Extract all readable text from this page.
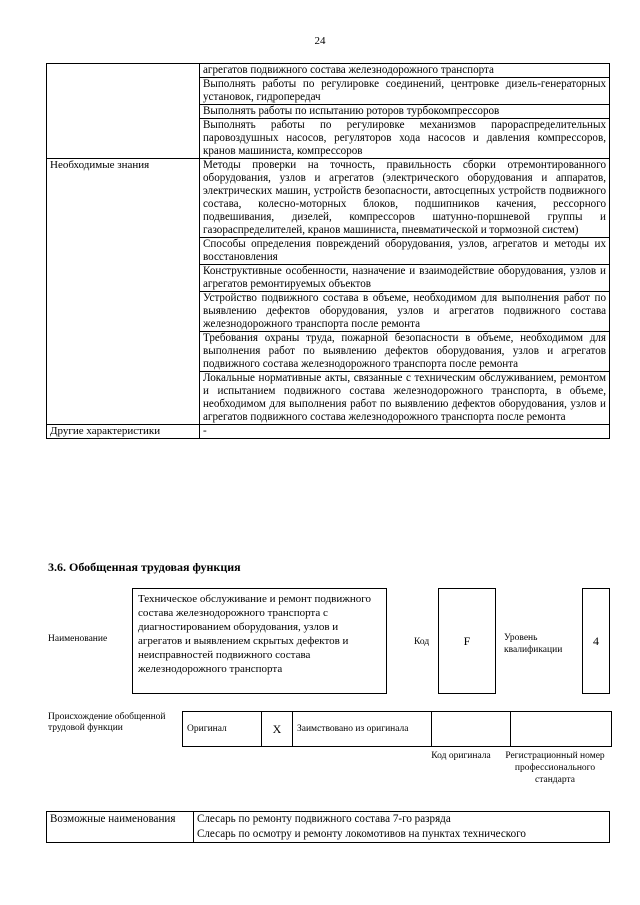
24
	агрегатов подвижного состава железнодорожного транспорта
	Выполнять работы по регулировке соединений, центровке дизель-генераторных установок, гидропередач
	Выполнять работы по испытанию роторов турбокомпрессоров
	Выполнять работы по регулировке механизмов парораспределительных паровоздушных насосов, регуляторов хода насосов и давления компрессоров, кранов машиниста, компрессоров
Необходимые знания	Методы проверки на точность, правильность сборки отремонтированного оборудования, узлов и агрегатов (электрического оборудования и аппаратов, электрических машин, устройств безопасности, автосцепных устройств подвижного состава, колесно-моторных блоков, подшипников качения, рессорного подвешивания, дизелей, компрессоров шатунно-поршневой группы и газораспределителей, кранов машиниста, пневматической и тормозной систем)
	Способы определения повреждений оборудования, узлов, агрегатов и методы их восстановления
	Конструктивные особенности, назначение и взаимодействие оборудования, узлов и агрегатов ремонтируемых объектов
	Устройство подвижного состава в объеме, необходимом для выполнения работ по выявлению дефектов оборудования, узлов и агрегатов подвижного состава железнодорожного транспорта после ремонта
	Требования охраны труда, пожарной безопасности в объеме, необходимом для выполнения работ по выявлению дефектов оборудования, узлов и агрегатов подвижного состава железнодорожного транспорта после ремонта
	Локальные нормативные акты, связанные с техническим обслуживанием, ремонтом и испытанием подвижного состава железнодорожного транспорта, в объеме, необходимом для выполнения работ по выявлению дефектов оборудования, узлов и агрегатов подвижного состава железнодорожного транспорта после ремонта
Другие характеристики	-
3.6. Обобщенная трудовая функция
Наименование
Техническое обслуживание и ремонт подвижного состава железнодорожного транспорта с диагностированием оборудования, узлов и агрегатов и выявлением скрытых дефектов и неисправностей подвижного состава железнодорожного транспорта
Код	F	Уровень квалификации
4
Происхождение обобщенной трудовой функции	Оригинал	X	Заимствовано из оригинала		
Код оригинала	Регистрационный номер профессионального стандарта
Возможные наименования	Слесарь по ремонту подвижного состава 7-го разряда
Слесарь по осмотру и ремонту локомотивов на пунктах технического
